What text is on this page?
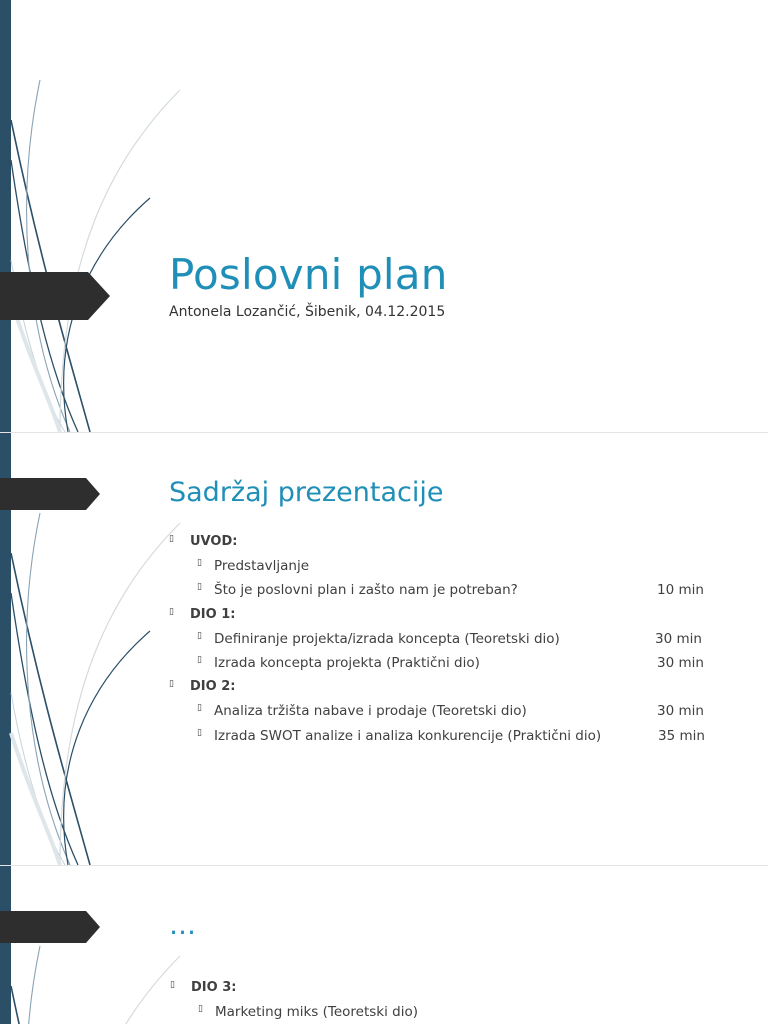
Poslovni plan

Antonela Lozančić, Šibenik, 04.12.2015

Sadržaj prezentacije
▯ UVOD:
▯ Predstavljanje
▯ Što je poslovni plan i zašto nam je potreban?	10 min
▯ DIO 1:
▯ Definiranje projekta/izrada koncepta (Teoretski dio)	30 min
▯ Izrada koncepta projekta (Praktični dio)	30 min
▯ DIO 2:
▯ Analiza tržišta nabave i prodaje (Teoretski dio)	30 min
▯ Izrada SWOT analize i analiza konkurencije (Praktični dio)	35 min
…
▯ DIO 3:
▯ Marketing miks (Teoretski dio)
